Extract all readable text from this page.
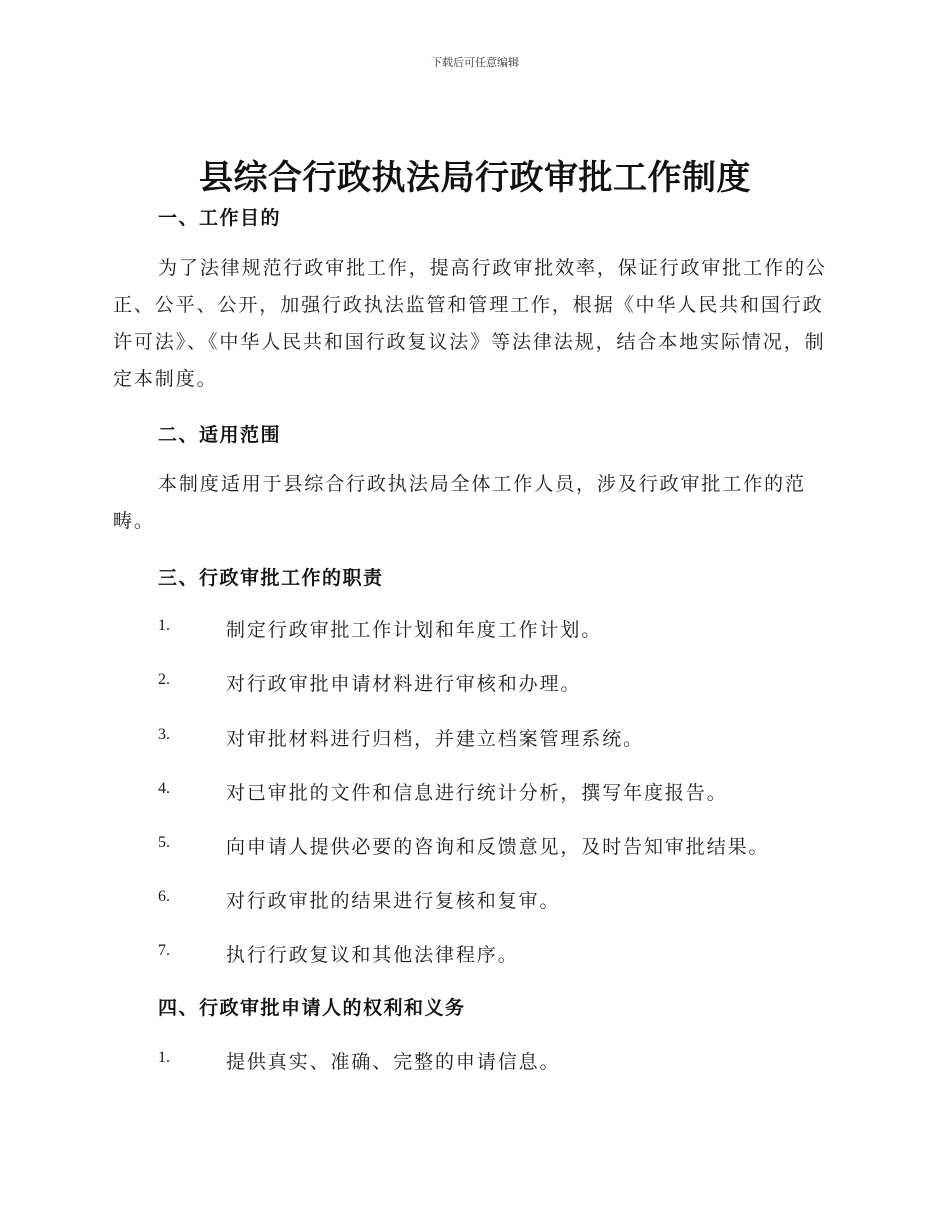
下载后可任意编辑
县综合行政执法局行政审批工作制度
一、工作目的

为了法律规范行政审批工作，提高行政审批效率，保证行政审批工作的公正、公平、公开，加强行政执法监管和管理工作，根据《中华人民共和国行政许可法》、《中华人民共和国行政复议法》等法律法规，结合本地实际情况，制定本制度。

二、适用范围

本制度适用于县综合行政执法局全体工作人员，涉及行政审批工作的范畴。

三、行政审批工作的职责
1.	制定行政审批工作计划和年度工作计划。
2.	对行政审批申请材料进行审核和办理。
3.	对审批材料进行归档，并建立档案管理系统。
4.	对已审批的文件和信息进行统计分析，撰写年度报告。
5.	向申请人提供必要的咨询和反馈意见，及时告知审批结果。
6.	对行政审批的结果进行复核和复审。
7.	执行行政复议和其他法律程序。
四、行政审批申请人的权利和义务
1.	提供真实、准确、完整的申请信息。
